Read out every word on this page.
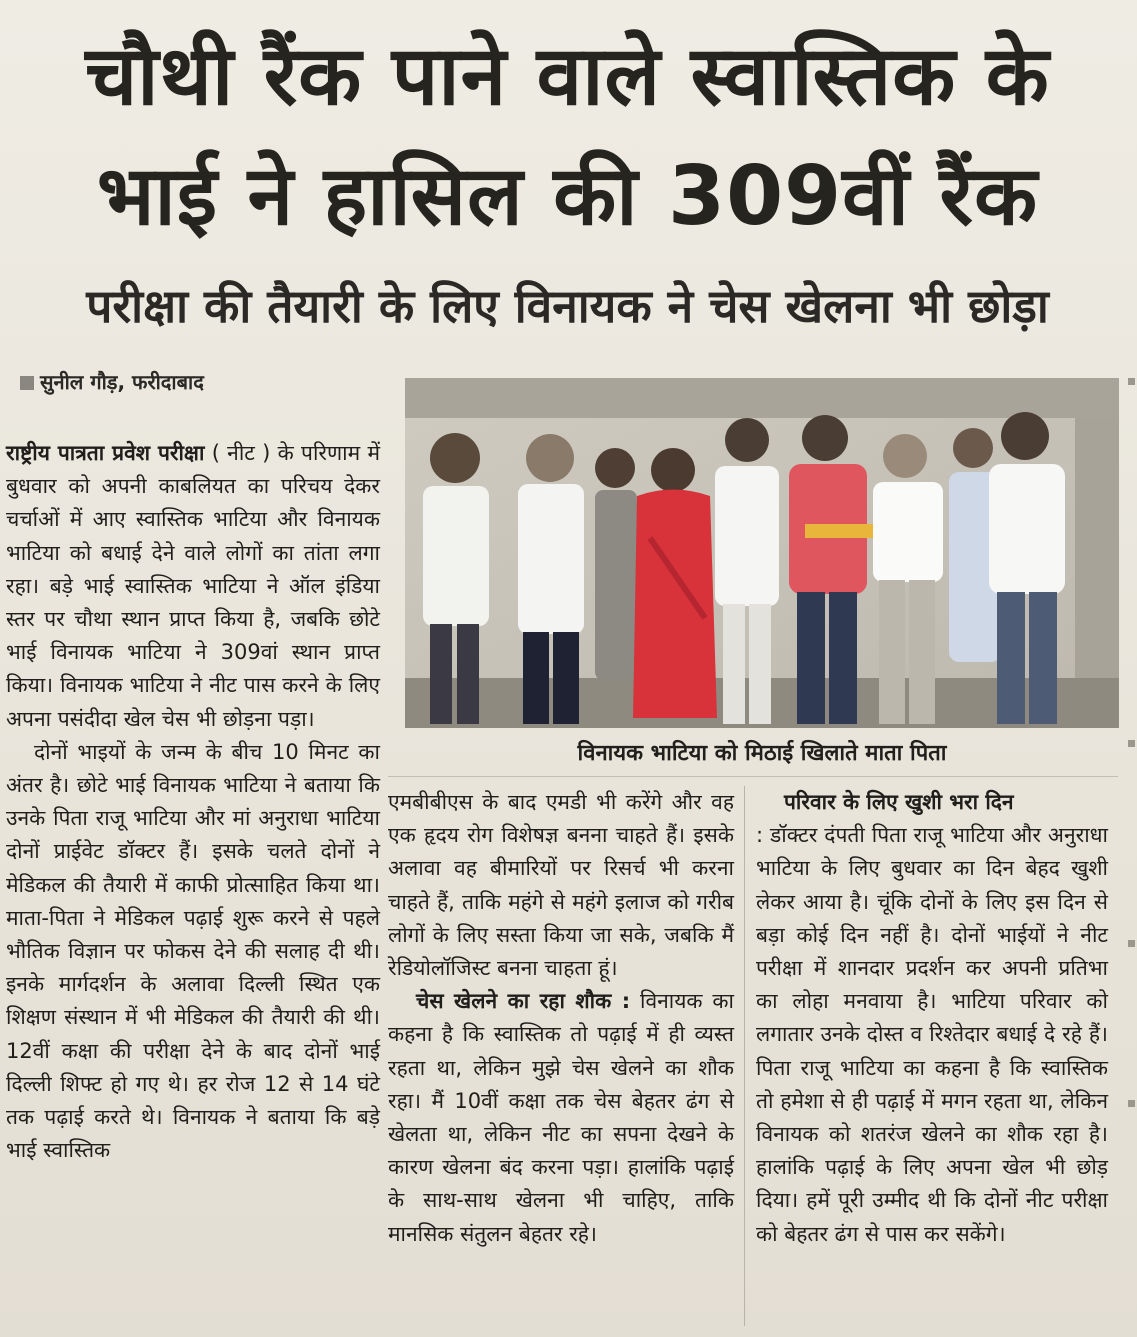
चौथी रैंक पाने वाले स्वास्तिक के
भाई ने हासिल की 309वीं रैंक
परीक्षा की तैयारी के लिए विनायक ने चेस खेलना भी छोड़ा
सुनील गौड़, फरीदाबाद

राष्ट्रीय पात्रता प्रवेश परीक्षा ( नीट ) के परिणाम में बुधवार को अपनी काबलियत का परिचय देकर चर्चाओं में आए स्वास्तिक भाटिया और विनायक भाटिया को बधाई देने वाले लोगों का तांता लगा रहा। बड़े भाई स्वास्तिक भाटिया ने ऑल इंडिया स्तर पर चौथा स्थान प्राप्त किया है, जबकि छोटे भाई विनायक भाटिया ने 309वां स्थान प्राप्त किया। विनायक भाटिया ने नीट पास करने के लिए अपना पसंदीदा खेल चेस भी छोड़ना पड़ा।

दोनों भाइयों के जन्म के बीच 10 मिनट का अंतर है। छोटे भाई विनायक भाटिया ने बताया कि उनके पिता राजू भाटिया और मां अनुराधा भाटिया दोनों प्राईवेट डॉक्टर हैं। इसके चलते दोनों ने मेडिकल की तैयारी में काफी प्रोत्साहित किया था। माता-पिता ने मेडिकल पढ़ाई शुरू करने से पहले भौतिक विज्ञान पर फोकस देने की सलाह दी थी। इनके मार्गदर्शन के अलावा दिल्ली स्थित एक शिक्षण संस्थान में भी मेडिकल की तैयारी की थी। 12वीं कक्षा की परीक्षा देने के बाद दोनों भाई दिल्ली शिफ्ट हो गए थे। हर रोज 12 से 14 घंटे तक पढ़ाई करते थे। विनायक ने बताया कि बड़े भाई स्वास्तिक

विनायक भाटिया को मिठाई खिलाते माता पिता

एमबीबीएस के बाद एमडी भी करेंगे और वह एक हृदय रोग विशेषज्ञ बनना चाहते हैं। इसके अलावा वह बीमारियों पर रिसर्च भी करना चाहते हैं, ताकि महंगे से महंगे इलाज को गरीब लोगों के लिए सस्ता किया जा सके, जबकि मैं रेडियोलॉजिस्ट बनना चाहता हूं।

चेस खेलने का रहा शौक : विनायक का कहना है कि स्वास्तिक तो पढ़ाई में ही व्यस्त रहता था, लेकिन मुझे चेस खेलने का शौक रहा। मैं 10वीं कक्षा तक चेस बेहतर ढंग से खेलता था, लेकिन नीट का सपना देखने के कारण खेलना बंद करना पड़ा। हालांकि पढ़ाई के साथ-साथ खेलना भी चाहिए, ताकि मानसिक संतुलन बेहतर रहे।

परिवार के लिए खुशी भरा दिन

: डॉक्टर दंपती पिता राजू भाटिया और अनुराधा भाटिया के लिए बुधवार का दिन बेहद खुशी लेकर आया है। चूंकि दोनों के लिए इस दिन से बड़ा कोई दिन नहीं है। दोनों भाईयों ने नीट परीक्षा में शानदार प्रदर्शन कर अपनी प्रतिभा का लोहा मनवाया है। भाटिया परिवार को लगातार उनके दोस्त व रिश्तेदार बधाई दे रहे हैं। पिता राजू भाटिया का कहना है कि स्वास्तिक तो हमेशा से ही पढ़ाई में मगन रहता था, लेकिन विनायक को शतरंज खेलने का शौक रहा है। हालांकि पढ़ाई के लिए अपना खेल भी छोड़ दिया। हमें पूरी उम्मीद थी कि दोनों नीट परीक्षा को बेहतर ढंग से पास कर सकेंगे।
